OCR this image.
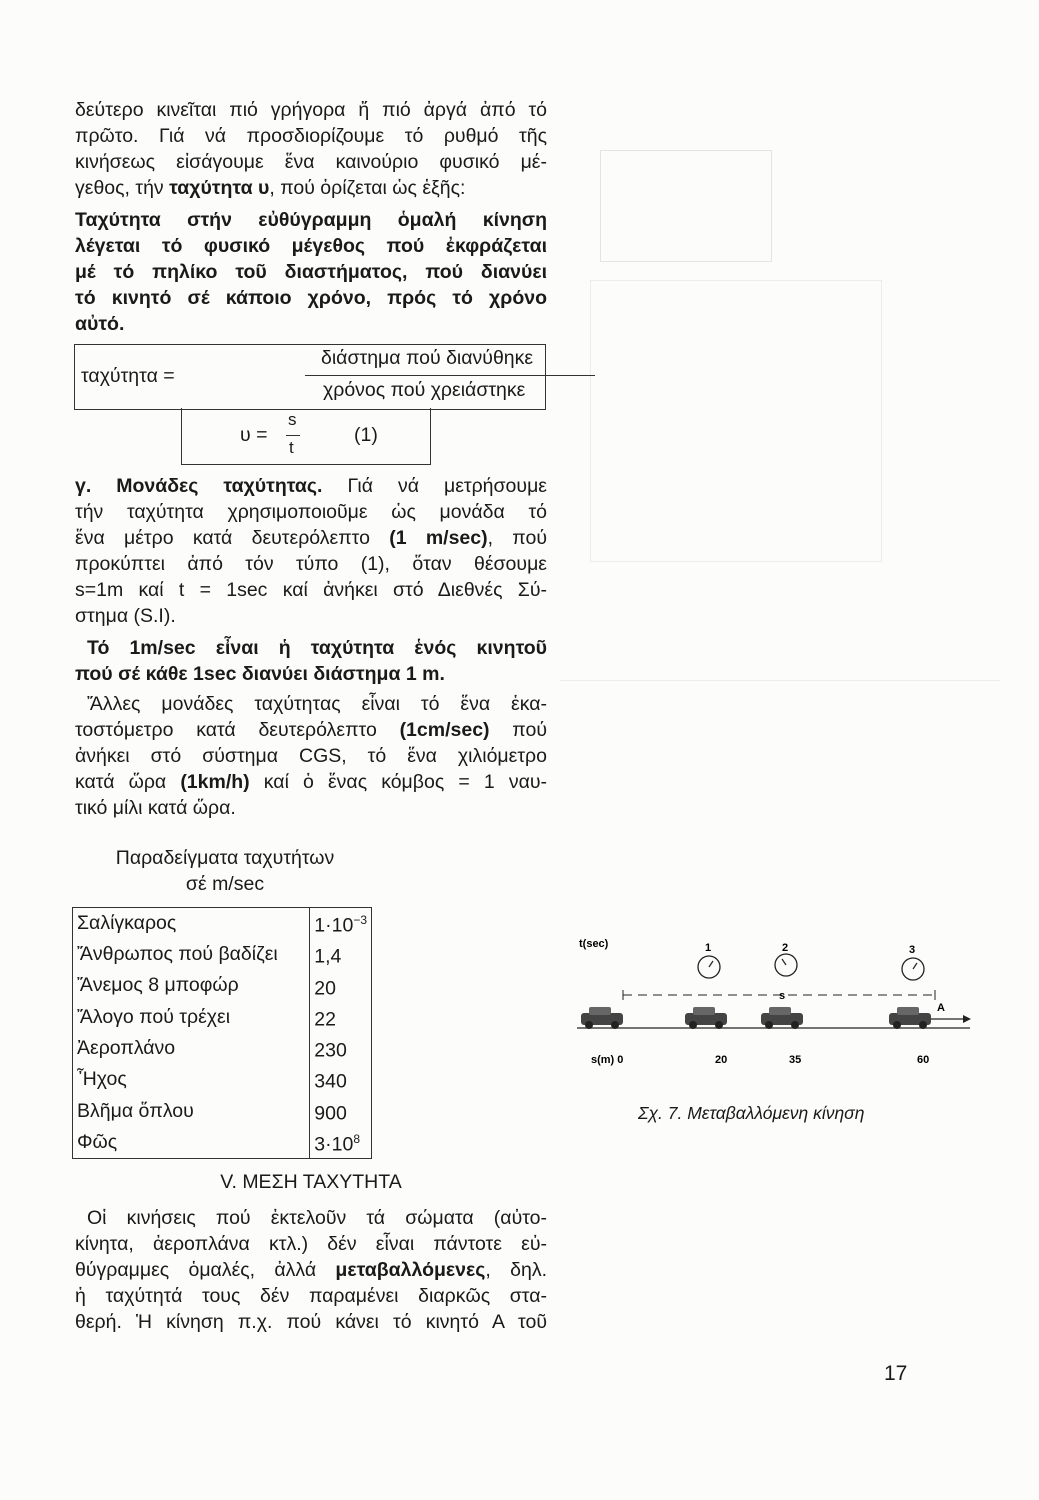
δεύτερο κινεῖται πιό γρήγορα ἤ πιό ἀργά ἀπό τό

πρῶτο. Γιά νά προσδιορίζουμε τό ρυθμό τῆς

κινήσεως εἰσάγουμε ἕνα καινούριο φυσικό μέ-

γεθος, τήν ταχύτητα υ, πού ὁρίζεται ὡς ἑξῆς:

Ταχύτητα στήν εὐθύγραμμη ὁμαλή κίνηση

λέγεται τό φυσικό μέγεθος πού ἐκφράζεται

μέ τό πηλίκο τοῦ διαστήματος, πού διανύει

τό κινητό σέ κάποιο χρόνο, πρός τό χρόνο

αὐτό.

ταχύτητα =
διάστημα πού διανύθηκε
χρόνος πού χρειάστηκε
υ =
s
t
(1)

γ. Μονάδες ταχύτητας. Γιά νά μετρήσουμε

τήν ταχύτητα χρησιμοποιοῦμε ὡς μονάδα τό

ἕνα μέτρο κατά δευτερόλεπτο (1 m/sec), πού

προκύπτει ἀπό τόν τύπο (1), ὅταν θέσουμε

s=1m καί t = 1sec καί ἀνήκει στό Διεθνές Σύ-

στημα (S.I).

Τό 1m/sec εἶναι ἡ ταχύτητα ἑνός κινητοῦ

πού σέ κάθε 1sec διανύει διάστημα 1 m.

Ἄλλες μονάδες ταχύτητας εἶναι τό ἕνα ἑκα-

τοστόμετρο κατά δευτερόλεπτο (1cm/sec) πού

ἀνήκει στό σύστημα CGS, τό ἕνα χιλιόμετρο

κατά ὥρα (1km/h) καί ὁ ἕνας κόμβος = 1 ναυ-

τικό μίλι κατά ὥρα.

Παραδείγματα ταχυτήτων
σέ m/sec
Σαλίγκαρος	$1\cdot 10^{-3}$
Ἄνθρωπος πού βαδίζει	1,4
Ἄνεμος 8 μποφώρ	20
Ἄλογο πού τρέχει	22
Ἀεροπλάνο	230
Ἦχος	340
Βλῆμα ὅπλου	900
Φῶς	$3\cdot 10^8$
t(sec)	1	2	3
s
A
s(m) 0	20	35	60
Σχ. 7. Μεταβαλλόμενη κίνηση
V. ΜΕΣΗ ΤΑΧΥΤΗΤΑ

Οἱ κινήσεις πού ἐκτελοῦν τά σώματα (αὐτο-

κίνητα, ἀεροπλάνα κτλ.) δέν εἶναι πάντοτε εὐ-

θύγραμμες ὁμαλές, ἀλλά μεταβαλλόμενες, δηλ.

ἡ ταχύτητά τους δέν παραμένει διαρκῶς στα-

θερή. Ἡ κίνηση π.χ. πού κάνει τό κινητό Α τοῦ

17
